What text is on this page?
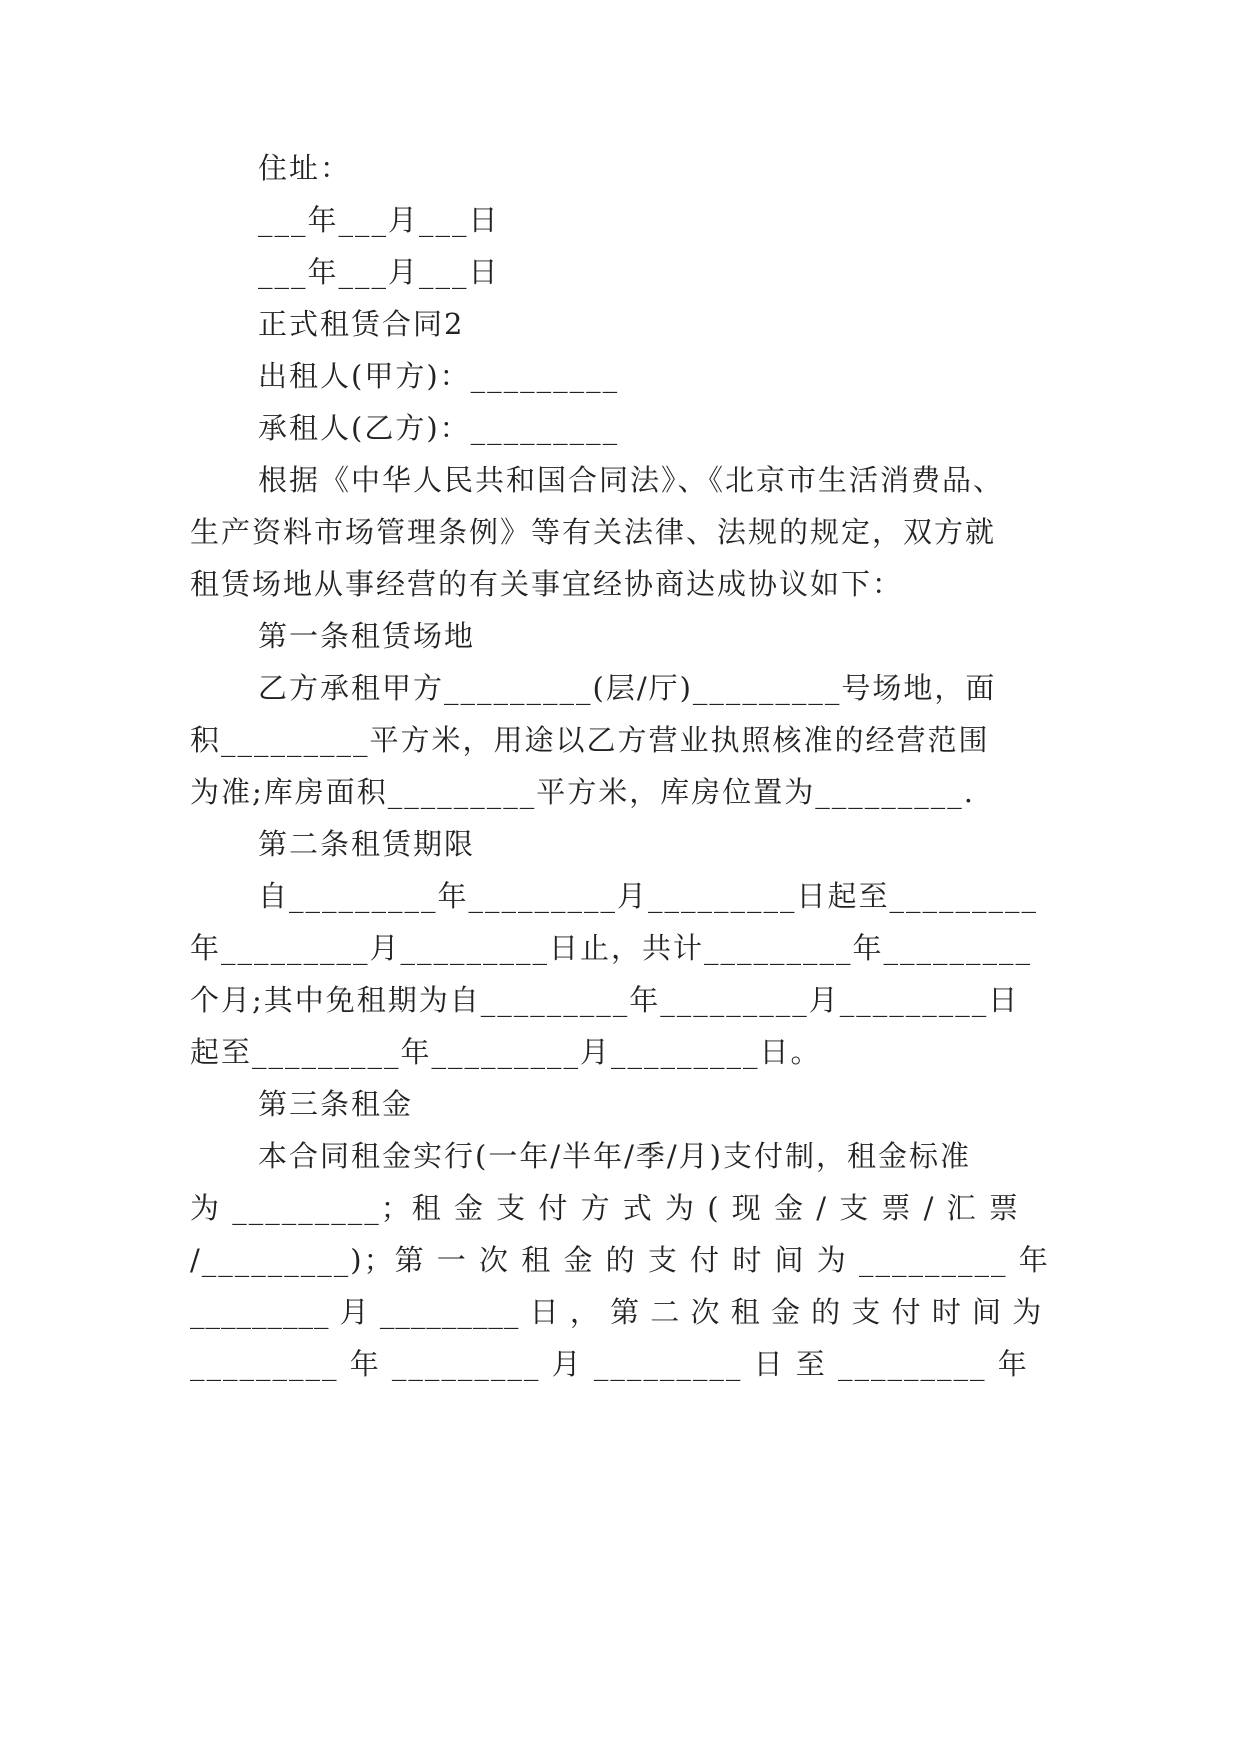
住址：
___年___月___日
___年___月___日
正式租赁合同2
出租人(甲方)：_________
承租人(乙方)：_________
根据《中华人民共和国合同法》、《北京市生活消费品、
生产资料市场管理条例》等有关法律、法规的规定，双方就
租赁场地从事经营的有关事宜经协商达成协议如下：
第一条租赁场地
乙方承租甲方_________(层/厅)_________号场地，面
积_________平方米，用途以乙方营业执照核准的经营范围
为准;库房面积_________平方米，库房位置为_________.
第二条租赁期限
自_________年_________月_________日起至_________
年_________月_________日止，共计_________年_________
个月;其中免租期为自_________年_________月_________日
起至_________年_________月_________日。
第三条租金
本合同租金实行(一年/半年/季/月)支付制，租金标准
为 _________；租 金 支 付 方 式 为 ( 现 金 / 支 票 / 汇 票
/_________)；第 一 次 租 金 的 支 付 时 间 为 _________ 年
_________ 月 _________ 日 ， 第 二 次 租 金 的 支 付 时 间 为
_________ 年 _________ 月 _________ 日 至 _________ 年
